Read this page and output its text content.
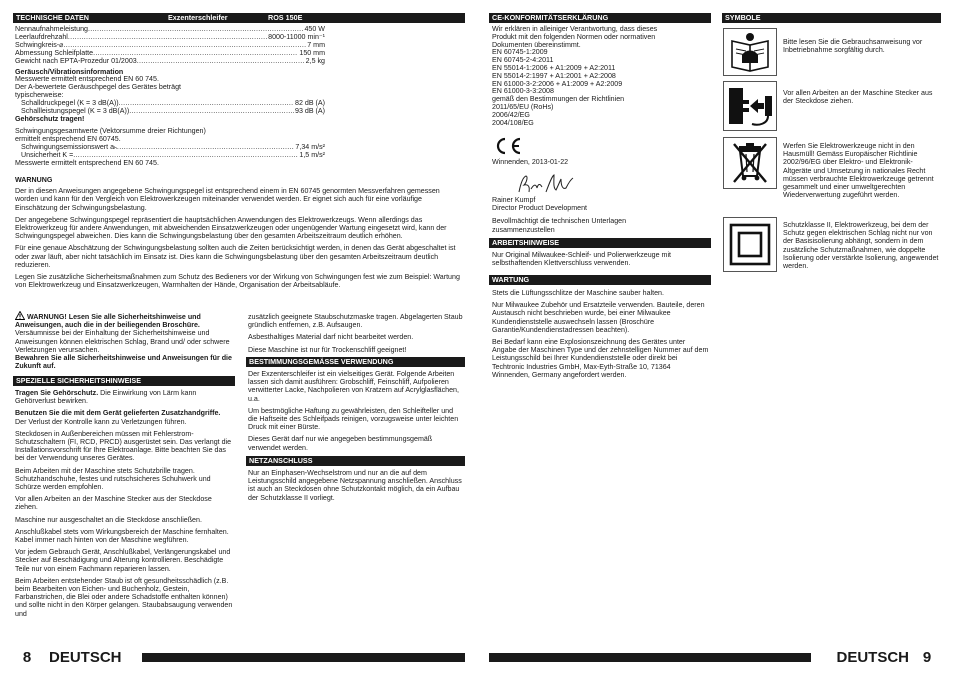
TECHNISCHE DATEN	Exzenterschleifer	ROS 150E
Nennaufnahmeleistung .....	450 W
Leerlaufdrehzahl .....	8000-11000 min⁻¹
Schwingkreis-⌀ .....	7 mm
Abmessung Schleifplatte .....	150 mm
Gewicht nach EPTA-Prozedur 01/2003 .....	2,5 kg
Geräusch/Vibrationsinformation
Messwerte ermittelt entsprechend EN 60 745.
Der A-bewertete Geräuschpegel des Gerätes beträgt
typischerweise:
Schalldruckpegel (K = 3 dB(A)) .....	82 dB (A)
Schallleistungspegel (K = 3 dB(A)) .....	93 dB (A)
Gehörschutz tragen!
Schwingungsgesamtwerte (Vektorsumme dreier Richtungen)
ermittelt entsprechend EN 60745.
Schwingungsemissionswert aₕ .....	7,34 m/s²
Unsicherheit K = .....	1,5 m/s²
Messwerte ermittelt entsprechend EN 60 745.

WARNUNG

Der in diesen Anweisungen angegebene Schwingungspegel ist entsprechend einem in EN 60745 genormten Messverfahren gemessen worden und kann für den Vergleich von Elektrowerkzeugen miteinander verwendet werden. Er eignet sich auch für eine vorläufige Einschätzung der Schwingungsbelastung.

Der angegebene Schwingungspegel repräsentiert die hauptsächlichen Anwendungen des Elektrowerkzeugs. Wenn allerdings das Elektrowerkzeug für andere Anwendungen, mit abweichenden Einsatzwerkzeugen oder ungenügender Wartung eingesetzt wird, kann der Schwingungspegel abweichen. Dies kann die Schwingungsbelastung über den gesamten Arbeitszeitraum deutlich erhöhen.

Für eine genaue Abschätzung der Schwingungsbelastung sollten auch die Zeiten berücksichtigt werden, in denen das Gerät abgeschaltet ist oder zwar läuft, aber nicht tatsächlich im Einsatz ist. Dies kann die Schwingungsbelastung über den gesamten Arbeitszeitraum deutlich reduzieren.

Legen Sie zusätzliche Sicherheitsmaßnahmen zum Schutz des Bedieners vor der Wirkung von Schwingungen fest wie zum Beispiel: Wartung von Elektrowerkzeug und Einsatzwerkzeugen, Warmhalten der Hände, Organisation der Arbeitsabläufe.

WARNUNG! Lesen Sie alle Sicherheitshinweise und Anweisungen, auch die in der beiliegenden Broschüre. Versäumnisse bei der Einhaltung der Sicherheitshinweise und Anweisungen können elektrischen Schlag, Brand und/ oder schwere Verletzungen verursachen.

Bewahren Sie alle Sicherheitshinweise und Anweisungen für die Zukunft auf.

SPEZIELLE SICHERHEITSHINWEISE

Tragen Sie Gehörschutz. Die Einwirkung von Lärm kann Gehörverlust bewirken.

Benutzen Sie die mit dem Gerät gelieferten Zusatzhandgriffe. Der Verlust der Kontrolle kann zu Verletzungen führen.

Steckdosen in Außenbereichen müssen mit Fehlerstrom-Schutzschaltern (FI, RCD, PRCD) ausgerüstet sein. Das verlangt die Installationsvorschrift für Ihre Elektroanlage. Bitte beachten Sie das bei der Verwendung unseres Gerätes.

Beim Arbeiten mit der Maschine stets Schutzbrille tragen. Schutzhandschuhe, festes und rutschsicheres Schuhwerk und Schürze werden empfohlen.

Vor allen Arbeiten an der Maschine Stecker aus der Steckdose ziehen.

Maschine nur ausgeschaltet an die Steckdose anschließen.

Anschlußkabel stets vom Wirkungsbereich der Maschine fernhalten. Kabel immer nach hinten von der Maschine wegführen.

Vor jedem Gebrauch Gerät, Anschlußkabel, Verlängerungskabel und Stecker auf Beschädigung und Alterung kontrollieren. Beschädigte Teile nur von einem Fachmann reparieren lassen.

Beim Arbeiten entstehender Staub ist oft gesundheitsschädlich (z.B. beim Bearbeiten von Eichen- und Buchenholz, Gestein, Farbanstrichen, die Blei oder andere Schadstoffe enthalten können) und sollte nicht in den Körper gelangen. Staubabsaugung verwenden und

zusätzlich geeignete Staubschutzmaske tragen. Abgelagerten Staub gründlich entfernen, z.B. Aufsaugen.

Asbesthaltiges Material darf nicht bearbeitet werden.

Diese Maschine ist nur für Trockenschliff geeignet!

BESTIMMUNGSGEMÄSSE VERWENDUNG

Der Exzenterschleifer ist ein vielseitiges Gerät. Folgende Arbeiten lassen sich damit ausführen: Grobschliff, Feinschliff, Aufpolieren verwitterter Lacke, Nachpolieren von Kratzern auf Acrylglasflächen, u.a.

Um bestmögliche Haftung zu gewährleisten, den Schleifteller und die Haftseite des Schleifpads reinigen, vorzugsweise unter leichten Druck mit einer Bürste.

Dieses Gerät darf nur wie angegeben bestimmungsgemäß verwendet werden.

NETZANSCHLUSS

Nur an Einphasen-Wechselstrom und nur an die auf dem Leistungsschild angegebene Netzspannung anschließen. Anschluss ist auch an Steckdosen ohne Schutzkontakt möglich, da ein Aufbau der Schutzklasse II vorliegt.

8	DEUTSCH
CE-KONFORMITÄTSERKLÄRUNG
Wir erklären in alleiniger Verantwortung, dass dieses
Produkt mit den folgenden Normen oder normativen
Dokumenten übereinstimmt.
EN 60745-1:2009
EN 60745-2-4:2011
EN 55014-1:2006 + A1:2009 + A2:2011
EN 55014-2:1997 + A1:2001 + A2:2008
EN 61000-3-2:2006 + A1:2009 + A2:2009
EN 61000-3-3:2008
gemäß den Bestimmungen der Richtlinien
2011/65/EU (RoHs)
2006/42/EG
2004/108/EG
Winnenden, 2013-01-22
Rainer Kumpf
Director Product Development
Bevollmächtigt die technischen Unterlagen
zusammenzustellen
ARBEITSHINWEISE

Nur Original Milwaukee-Schleif- und Polierwerkzeuge mit selbsthaftenden Klettverschluss verwenden.

WARTUNG

Stets die Lüftungsschlitze der Maschine sauber halten.

Nur Milwaukee Zubehör und Ersatzteile verwenden. Bauteile, deren Austausch nicht beschrieben wurde, bei einer Milwaukee Kundendienststelle auswechseln lassen (Broschüre Garantie/Kundendienstadressen beachten).

Bei Bedarf kann eine Explosionszeichnung des Gerätes unter Angabe der Maschinen Type und der zehnstelligen Nummer auf dem Leistungsschild bei Ihrer Kundendienststelle oder direkt bei Techtronic Industries GmbH, Max-Eyth-Straße 10, 71364 Winnenden, Germany angefordert werden.

SYMBOLE
Bitte lesen Sie die Gebrauchsanweisung vor Inbetriebnahme sorgfältig durch.
Vor allen Arbeiten an der Maschine Stecker aus der Steckdose ziehen.
Werfen Sie Elektrowerkzeuge nicht in den Hausmüll! Gemäss Europäischer Richtlinie 2002/96/EG über Elektro- und Elektronik-Altgeräte und Umsetzung in nationales Recht müssen verbrauchte Elektrowerkzeuge getrennt gesammelt und einer umweltgerechten Wiederverwertung zugeführt werden.
Schutzklasse II, Elektrowerkzeug, bei dem der Schutz gegen elektrischen Schlag nicht nur von der Basisisolierung abhängt, sondern in dem zusätzliche Schutzmaßnahmen, wie doppelte Isolierung oder verstärkte Isolierung, angewendet werden.
DEUTSCH 9
